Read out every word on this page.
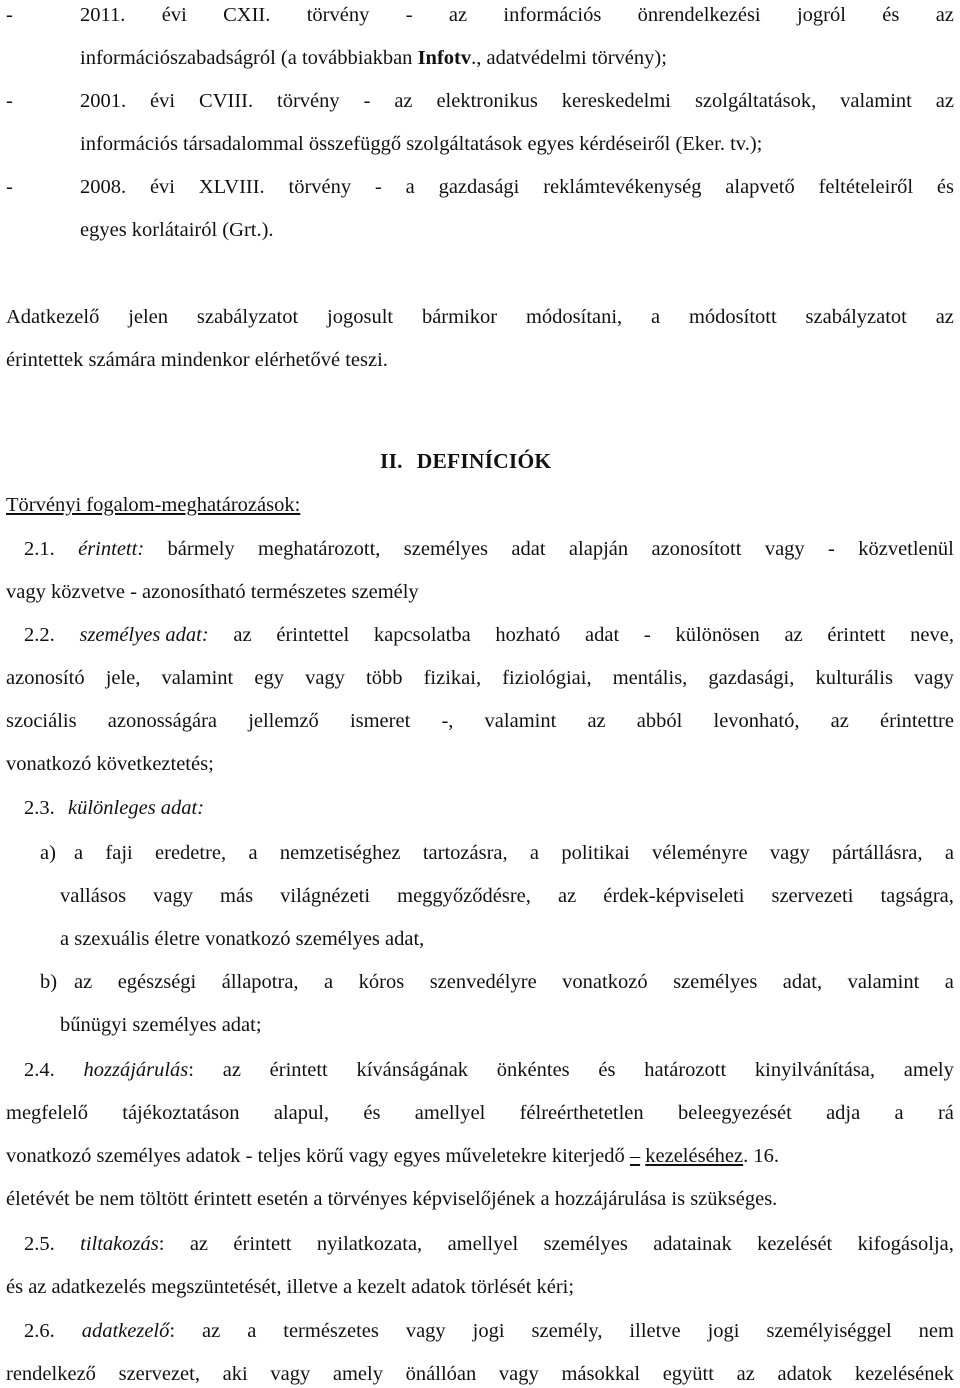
-	2011. évi CXII. törvény - az információs önrendelkezési jogról és az
információszabadságról (a továbbiakban Infotv., adatvédelmi törvény);
-	2001. évi CVIII. törvény - az elektronikus kereskedelmi szolgáltatások, valamint az
információs társadalommal összefüggő szolgáltatások egyes kérdéseiről (Eker. tv.);
-	2008. évi XLVIII. törvény - a gazdasági reklámtevékenység alapvető feltételeiről és
egyes korlátairól (Grt.).
Adatkezelő jelen szabályzatot jogosult bármikor módosítani, a módosított szabályzatot az
érintettek számára mindenkor elérhetővé teszi.
II. DEFINÍCIÓK
Törvényi fogalom-meghatározások:
2.1. érintett: bármely meghatározott, személyes adat alapján azonosított vagy - közvetlenül
vagy közvetve - azonosítható természetes személy
2.2. személyes adat: az érintettel kapcsolatba hozható adat - különösen az érintett neve,
azonosító jele, valamint egy vagy több fizikai, fiziológiai, mentális, gazdasági, kulturális vagy
szociális azonosságára jellemző ismeret -, valamint az abból levonható, az érintettre
vonatkozó következtetés;
2.3. különleges adat:
a) a faji eredetre, a nemzetiséghez tartozásra, a politikai véleményre vagy pártállásra, a
vallásos vagy más világnézeti meggyőződésre, az érdek-képviseleti szervezeti tagságra,
a szexuális életre vonatkozó személyes adat,
b) az egészségi állapotra, a kóros szenvedélyre vonatkozó személyes adat, valamint a
bűnügyi személyes adat;
2.4. hozzájárulás: az érintett kívánságának önkéntes és határozott kinyilvánítása, amely
megfelelő tájékoztatáson alapul, és amellyel félreérthetetlen beleegyezését adja a rá
vonatkozó személyes adatok - teljes körű vagy egyes műveletekre kiterjedő – kezeléséhez. 16.
életévét be nem töltött érintett esetén a törvényes képviselőjének a hozzájárulása is szükséges.
2.5. tiltakozás: az érintett nyilatkozata, amellyel személyes adatainak kezelését kifogásolja,
és az adatkezelés megszüntetését, illetve a kezelt adatok törlését kéri;
2.6. adatkezelő: az a természetes vagy jogi személy, illetve jogi személyiséggel nem
rendelkező szervezet, aki vagy amely önállóan vagy másokkal együtt az adatok kezelésének
